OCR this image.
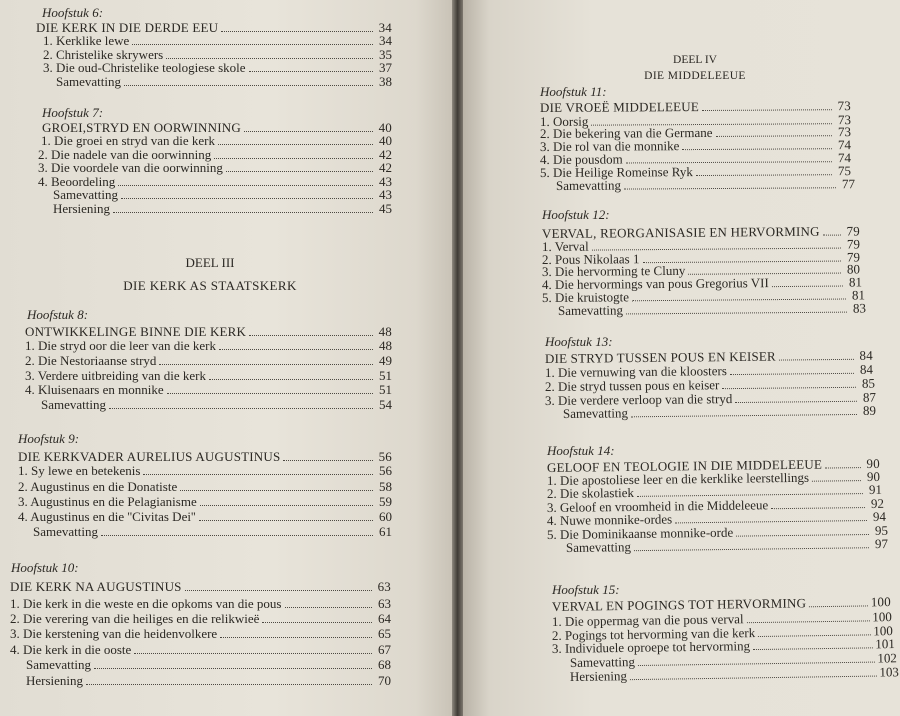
Hoofstuk 6:
DIE KERK IN DIE DERDE EEU	34
1. Kerklike lewe	34
2. Christelike skrywers	35
3. Die oud-Christelike teologiese skole	37
Samevatting	38
Hoofstuk 7:
GROEI,STRYD EN OORWINNING	40
1. Die groei en stryd van die kerk	40
2. Die nadele van die oorwinning	42
3. Die voordele van die oorwinning	42
4. Beoordeling	43
Samevatting	43
Hersiening	45
Hoofstuk 8:
ONTWIKKELINGE BINNE DIE KERK	48
1. Die stryd oor die leer van die kerk	48
2. Die Nestoriaanse stryd	49
3. Verdere uitbreiding van die kerk	51
4. Kluisenaars en monnike	51
Samevatting	54
Hoofstuk 9:
DIE KERKVADER AURELIUS AUGUSTINUS	56
1. Sy lewe en betekenis	56
2. Augustinus en die Donatiste	58
3. Augustinus en die Pelagianisme	59
4. Augustinus en die ''Civitas Dei''	60
Samevatting	61
Hoofstuk 10:
DIE KERK NA AUGUSTINUS	63
1. Die kerk in die weste en die opkoms van die pous	63
2. Die verering van die heiliges en die relikwieë	64
3. Die kerstening van die heidenvolkere	65
4. Die kerk in die ooste	67
Samevatting	68
Hersiening	70
Hoofstuk 11:
DIE VROEË MIDDELEEUE	73
1. Oorsig	73
2. Die bekering van die Germane	73
3. Die rol van die monnike	74
4. Die pousdom	74
5. Die Heilige Romeinse Ryk	75
Samevatting	77
Hoofstuk 12:
VERVAL, REORGANISASIE EN HERVORMING 79
1. Verval	79
2. Pous Nikolaas 1	79
3. Die hervorming te Cluny	80
4. Die hervormings van pous Gregorius VII	81
5. Die kruistogte	81
Samevatting	83
Hoofstuk 13:
DIE STRYD TUSSEN POUS EN KEISER	84
1. Die vernuwing van die kloosters	84
2. Die stryd tussen pous en keiser	85
3. Die verdere verloop van die stryd	87
Samevatting	89
Hoofstuk 14:
GELOOF EN TEOLOGIE IN DIE MIDDELEEUE	90
1. Die apostoliese leer en die kerklike leerstellings	90
2. Die skolastiek	91
3. Geloof en vroomheid in die Middeleeue	92
4. Nuwe monnike-ordes	94
5. Die Dominikaanse monnike-orde	95
Samevatting	97
Hoofstuk 15:
VERVAL EN POGINGS TOT HERVORMING	100
1. Die oppermag van die pous verval	100
2. Pogings tot hervorming van die kerk	100
3. Individuele oproepe tot hervorming	101
Samevatting	102
Hersiening	103
DEEL III
DIE KERK AS STAATSKERK
DEEL IV
DIE MIDDELEEUE
